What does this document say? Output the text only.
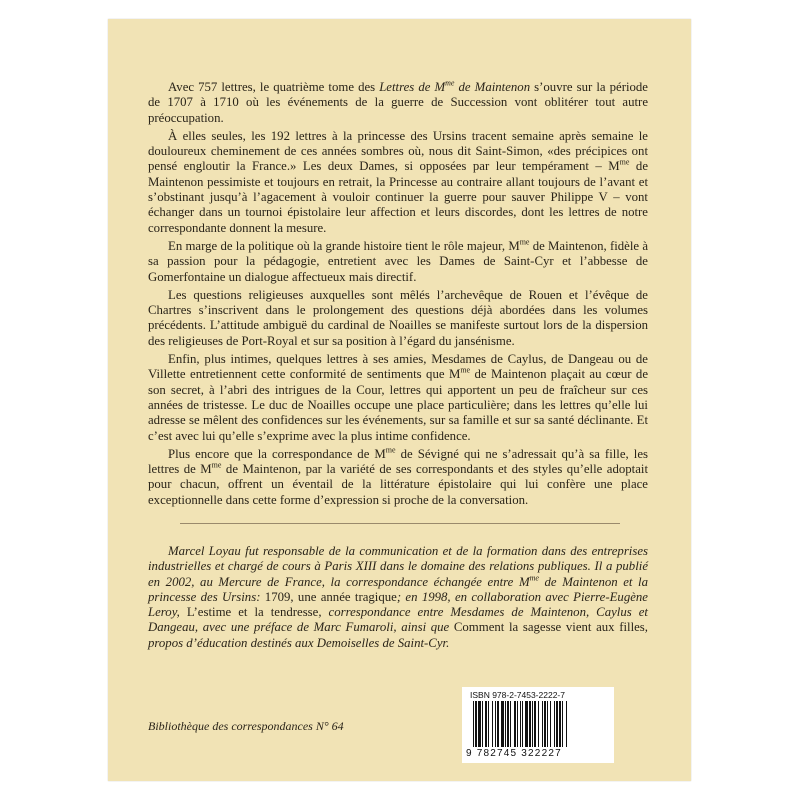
Avec 757 lettres, le quatrième tome des Lettres de $M^{me}$ de Maintenon s’ouvre sur la période de 1707 à 1710 où les événements de la guerre de Succession vont oblitérer tout autre préoccupation.

À elles seules, les 192 lettres à la princesse des Ursins tracent semaine après semaine le douloureux cheminement de ces années sombres où, nous dit Saint-Simon, «des précipices ont pensé engloutir la France.» Les deux Dames, si opposées par leur tempérament – $M^{me}$ de Maintenon pessimiste et toujours en retrait, la Princesse au contraire allant toujours de l’avant et s’obstinant jusqu’à l’agacement à vouloir continuer la guerre pour sauver Philippe V – vont échanger dans un tournoi épistolaire leur affection et leurs discordes, dont les lettres de notre correspondante donnent la mesure.

En marge de la politique où la grande histoire tient le rôle majeur, $M^{me}$ de Maintenon, fidèle à sa passion pour la pédagogie, entretient avec les Dames de Saint-Cyr et l’abbesse de Gomerfontaine un dialogue affectueux mais directif.

Les questions religieuses auxquelles sont mêlés l’archevêque de Rouen et l’évêque de Chartres s’inscrivent dans le prolongement des questions déjà abordées dans les volumes précédents. L’attitude ambiguë du cardinal de Noailles se manifeste surtout lors de la dispersion des religieuses de Port-Royal et sur sa position à l’égard du jansénisme.

Enfin, plus intimes, quelques lettres à ses amies, Mesdames de Caylus, de Dangeau ou de Villette entretiennent cette conformité de sentiments que $M^{me}$ de Maintenon plaçait au cœur de son secret, à l’abri des intrigues de la Cour, lettres qui apportent un peu de fraîcheur sur ces années de tristesse. Le duc de Noailles occupe une place particulière; dans les lettres qu’elle lui adresse se mêlent des confidences sur les événements, sur sa famille et sur sa santé déclinante. Et c’est avec lui qu’elle s’exprime avec la plus intime confidence.

Plus encore que la correspondance de $M^{me}$ de Sévigné qui ne s’adressait qu’à sa fille, les lettres de $M^{me}$ de Maintenon, par la variété de ses correspondants et des styles qu’elle adoptait pour chacun, offrent un éventail de la littérature épistolaire qui lui confère une place exceptionnelle dans cette forme d’expression si proche de la conversation.

Marcel Loyau fut responsable de la communication et de la formation dans des entreprises industrielles et chargé de cours à Paris XIII dans le domaine des relations publiques. Il a publié en 2002, au Mercure de France, la correspondance échangée entre $M^{me}$ de Maintenon et la princesse des Ursins: 1709, une année tragique; en 1998, en collaboration avec Pierre-Eugène Leroy, L’estime et la tendresse, correspondance entre Mesdames de Maintenon, Caylus et Dangeau, avec une préface de Marc Fumaroli, ainsi que Comment la sagesse vient aux filles, propos d’éducation destinés aux Demoiselles de Saint-Cyr.

Bibliothèque des correspondances N° 64
ISBN 978-2-7453-2222-7
9 782745 322227
